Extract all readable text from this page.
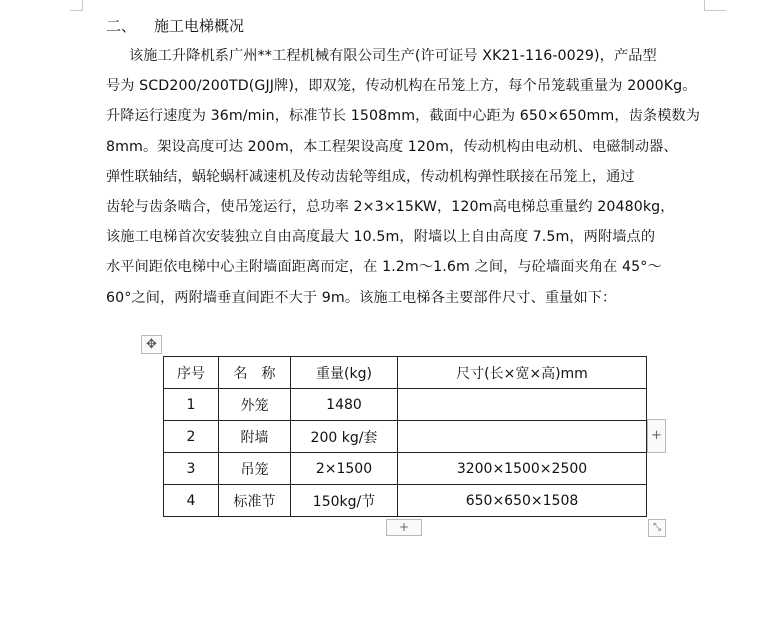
二、 施工电梯概况
该施工升降机系广州**工程机械有限公司生产(许可证号 XK21-116-0029)，产品型
号为 SCD200/200TD(GJJ牌)，即双笼，传动机构在吊笼上方，每个吊笼载重量为 2000Kg。
升降运行速度为 36m/min，标准节长 1508mm，截面中心距为 650×650mm，齿条模数为
8mm。架设高度可达 200m，本工程架设高度 120m，传动机构由电动机、电磁制动器、
弹性联轴结，蜗轮蜗杆减速机及传动齿轮等组成，传动机构弹性联接在吊笼上，通过
齿轮与齿条啮合，使吊笼运行，总功率 2×3×15KW，120m高电梯总重量约 20480kg，
该施工电梯首次安装独立自由高度最大 10.5m，附墙以上自由高度 7.5m，两附墙点的
水平间距依电梯中心主附墙面距离而定，在 1.2m～1.6m 之间，与砼墙面夹角在 45°～
60°之间，两附墙垂直间距不大于 9m。该施工电梯各主要部件尺寸、重量如下：
✥
序号	名　称	重量(kg)	尺寸(长×宽×高)mm
1	外笼	1480	
2	附墙	200 kg/套	
3	吊笼	2×1500	3200×1500×2500
4	标准节	150kg/节	650×650×1508
+
+	⤡
